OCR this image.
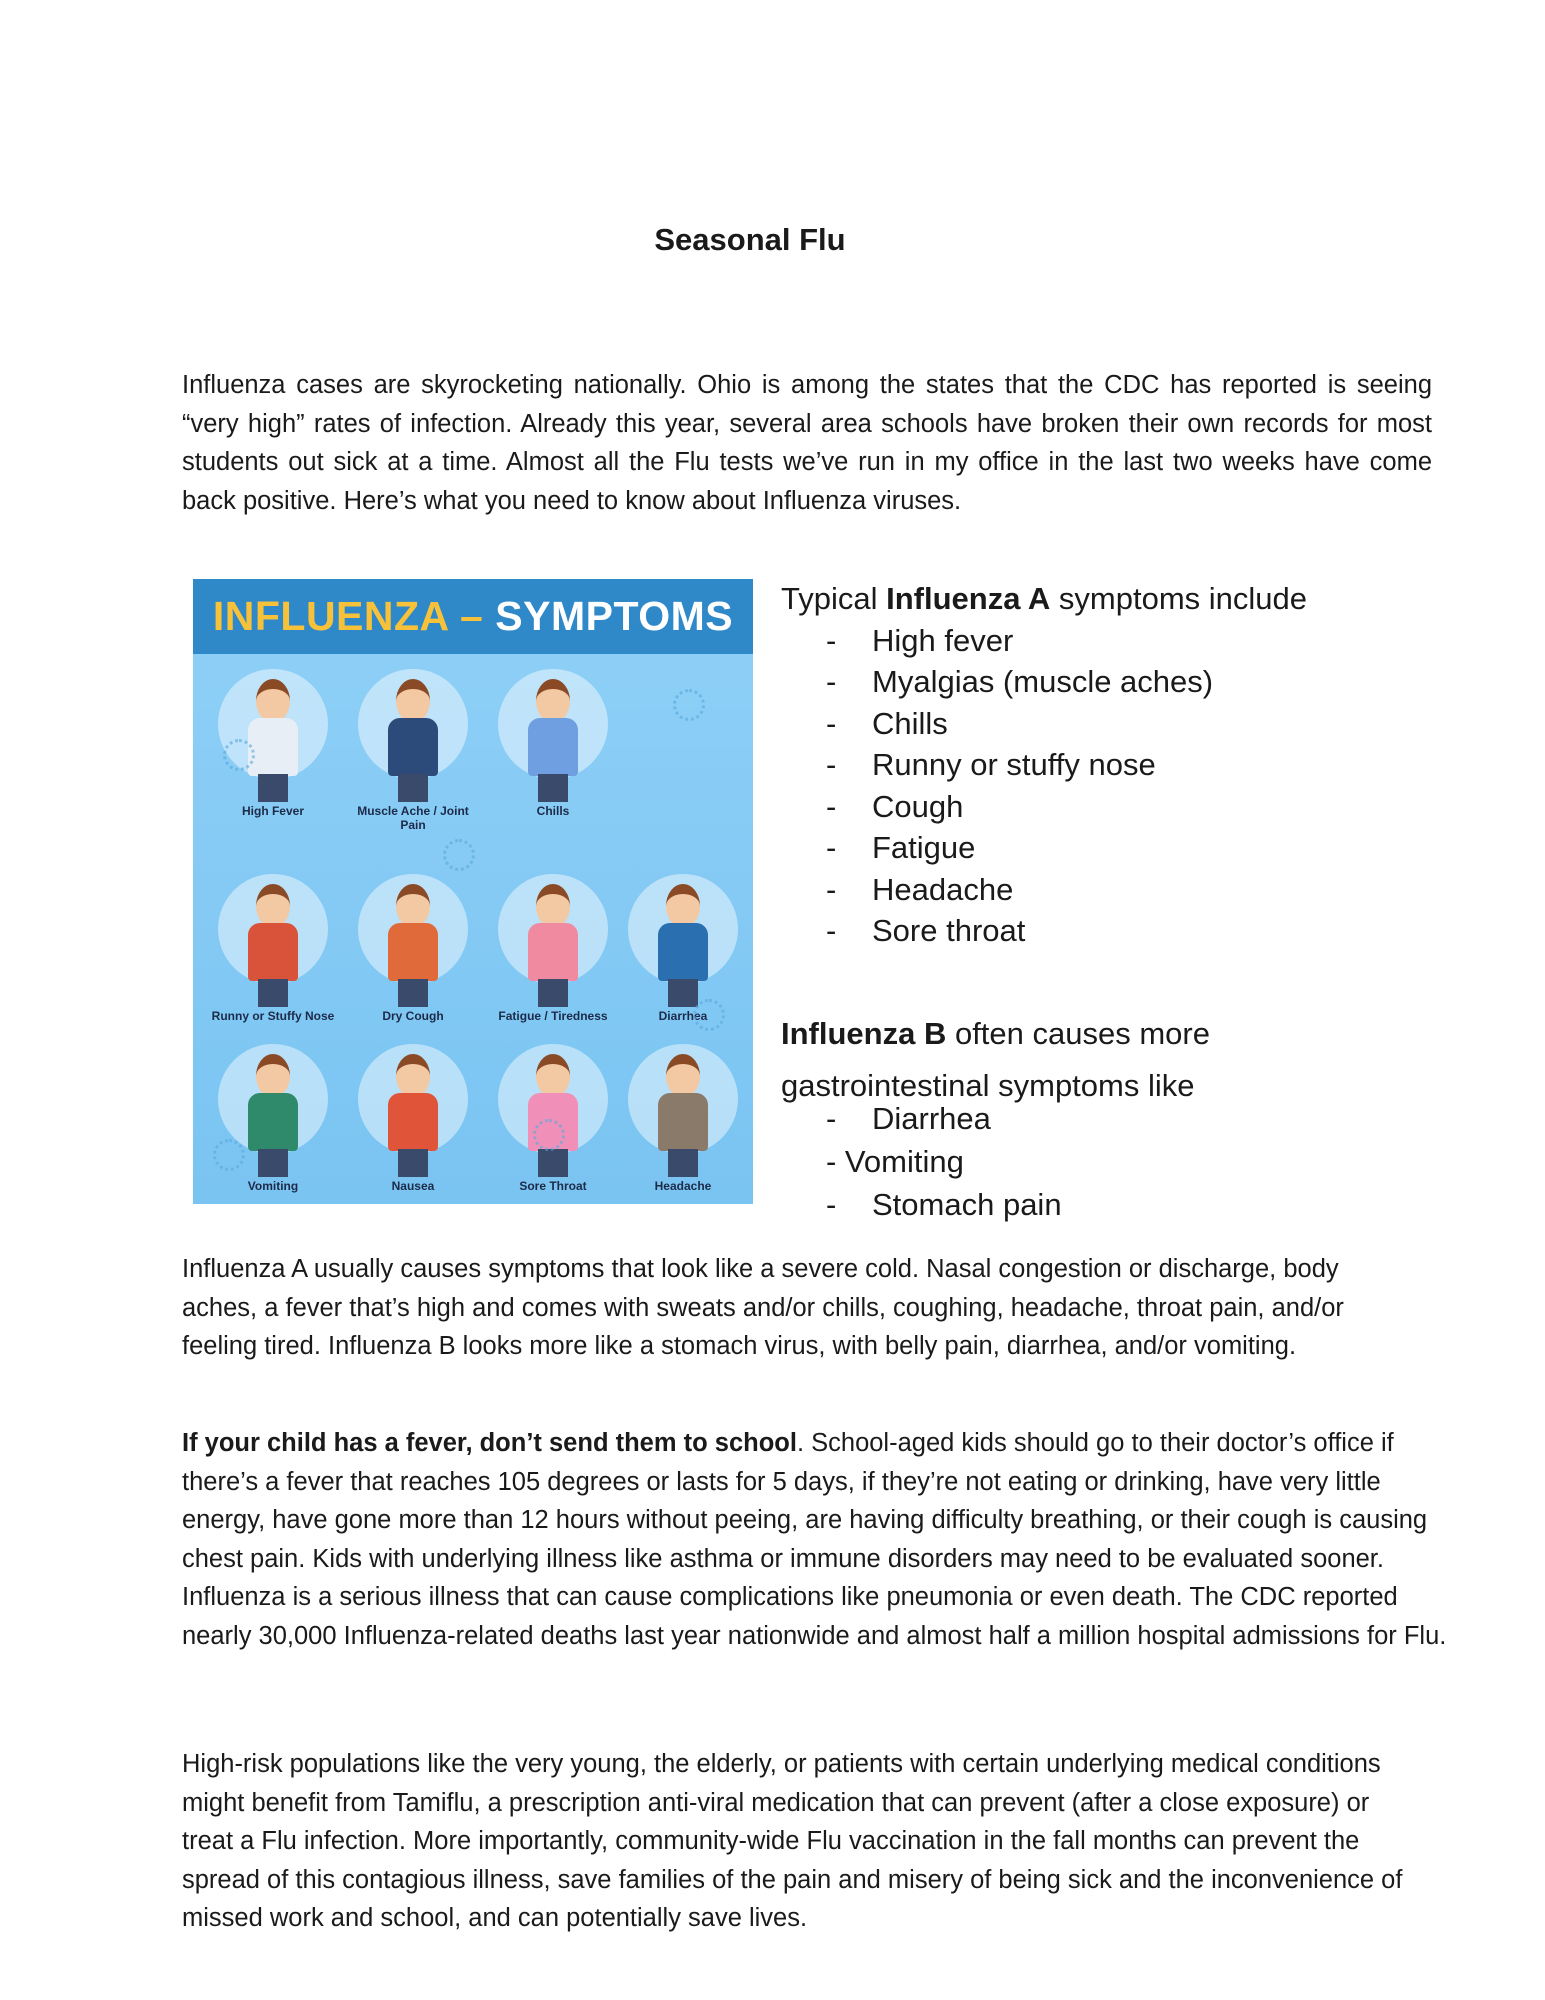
Seasonal Flu
Influenza cases are skyrocketing nationally. Ohio is among the states that the CDC has reported is seeing “very high” rates of infection. Already this year, several area schools have broken their own records for most students out sick at a time. Almost all the Flu tests we’ve run in my office in the last two weeks have come back positive. Here’s what you need to know about Influenza viruses.
INFLUENZA – SYMPTOMS
High Fever	Muscle Ache / Joint Pain
Chills
Runny or Stuffy Nose	Dry Cough	Fatigue / Tiredness	Diarrhea
Vomiting	Nausea	Sore Throat	Headache
Typical Influenza A symptoms include
- High fever
- Myalgias (muscle aches)
- Chills
- Runny or stuffy nose
- Cough
- Fatigue
- Headache
- Sore throat
Influenza B often causes more gastrointestinal symptoms like
- Diarrhea
- Vomiting
- Stomach pain
Influenza A usually causes symptoms that look like a severe cold. Nasal congestion or discharge, body aches, a fever that’s high and comes with sweats and/or chills, coughing, headache, throat pain, and/or feeling tired. Influenza B looks more like a stomach virus, with belly pain, diarrhea, and/or vomiting.
If your child has a fever, don’t send them to school. School-aged kids should go to their doctor’s office if there’s a fever that reaches 105 degrees or lasts for 5 days, if they’re not eating or drinking, have very little energy, have gone more than 12 hours without peeing, are having difficulty breathing, or their cough is causing chest pain. Kids with underlying illness like asthma or immune disorders may need to be evaluated sooner. Influenza is a serious illness that can cause complications like pneumonia or even death. The CDC reported nearly 30,000 Influenza-related deaths last year nationwide and almost half a million hospital admissions for Flu.
High-risk populations like the very young, the elderly, or patients with certain underlying medical conditions might benefit from Tamiflu, a prescription anti-viral medication that can prevent (after a close exposure) or treat a Flu infection. More importantly, community-wide Flu vaccination in the fall months can prevent the spread of this contagious illness, save families of the pain and misery of being sick and the inconvenience of missed work and school, and can potentially save lives.
